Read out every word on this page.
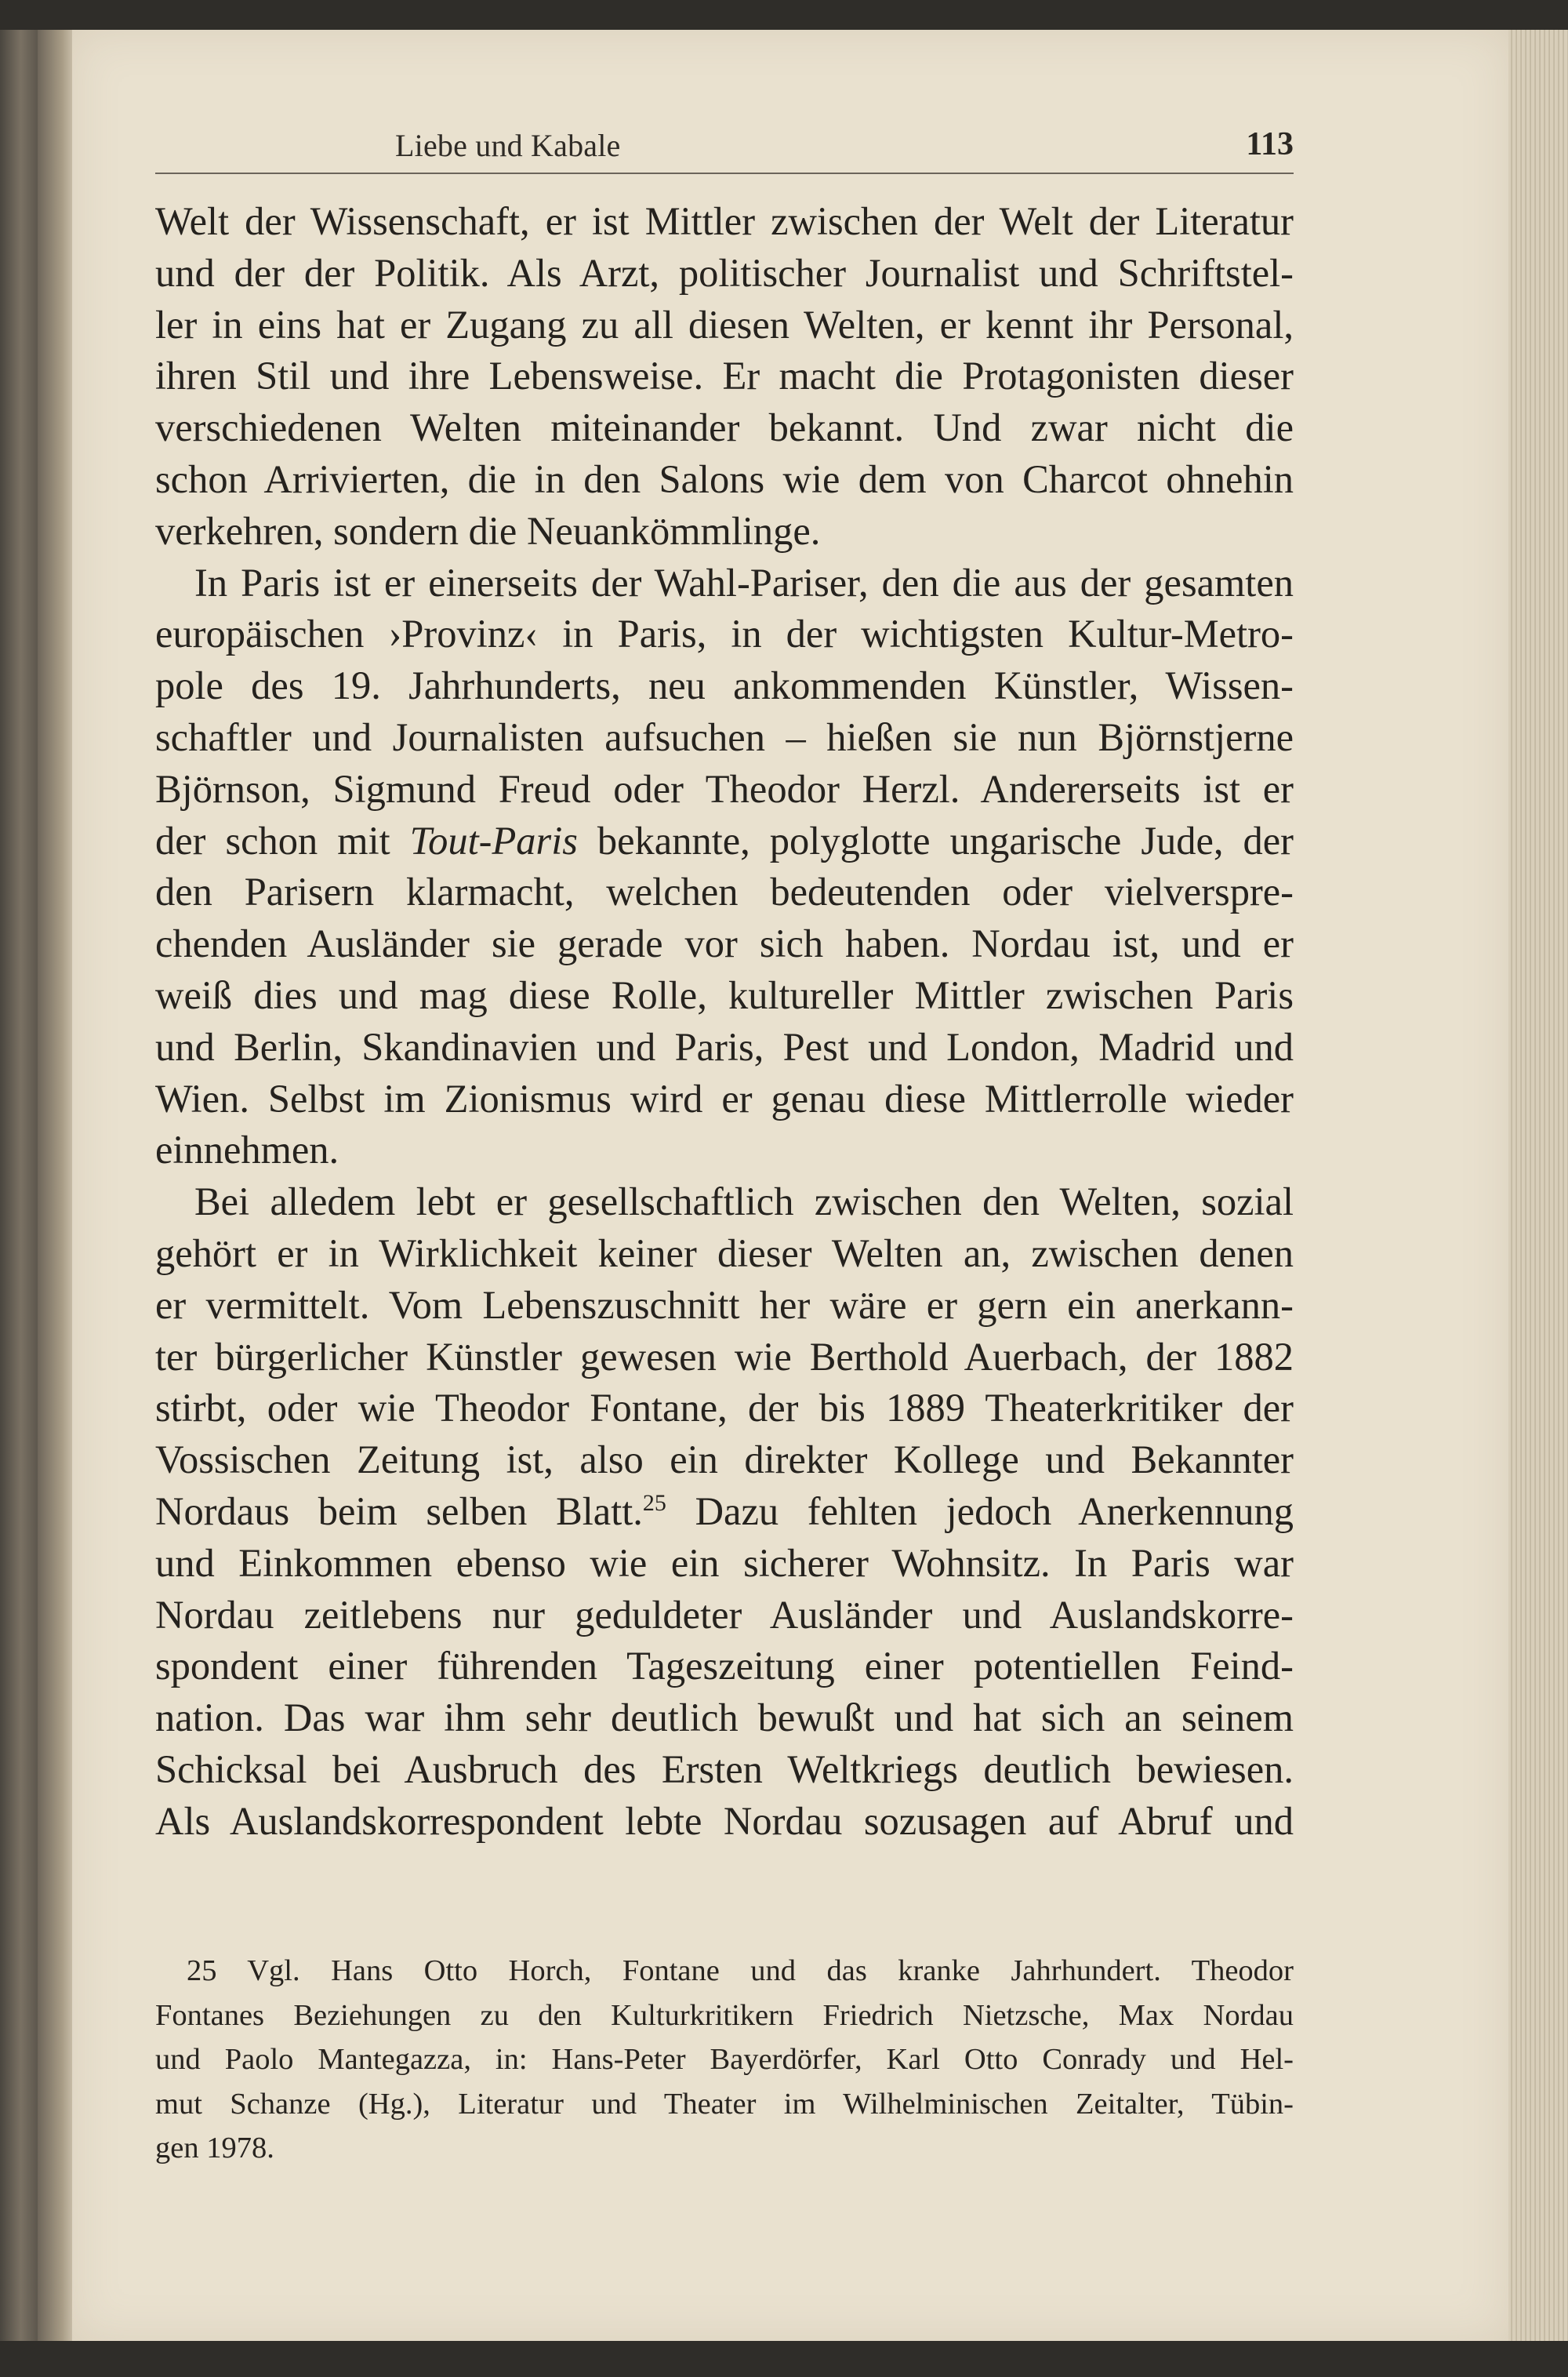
Liebe und Kabale	113

Welt der Wissenschaft, er ist Mittler zwischen der Welt der Literatur
und der der Politik. Als Arzt, politischer Journalist und Schriftstel-
ler in eins hat er Zugang zu all diesen Welten, er kennt ihr Personal,
ihren Stil und ihre Lebensweise. Er macht die Protagonisten dieser
verschiedenen Welten miteinander bekannt. Und zwar nicht die
schon Arrivierten, die in den Salons wie dem von Charcot ohnehin
verkehren, sondern die Neuankömmlinge.

In Paris ist er einerseits der Wahl-Pariser, den die aus der gesamten
europäischen ›Provinz‹ in Paris, in der wichtigsten Kultur-Metro-
pole des 19. Jahrhunderts, neu ankommenden Künstler, Wissen-
schaftler und Journalisten aufsuchen – hießen sie nun Björnstjerne
Björnson, Sigmund Freud oder Theodor Herzl. Andererseits ist er
der schon mit Tout-Paris bekannte, polyglotte ungarische Jude, der
den Parisern klarmacht, welchen bedeutenden oder vielverspre-
chenden Ausländer sie gerade vor sich haben. Nordau ist, und er
weiß dies und mag diese Rolle, kultureller Mittler zwischen Paris
und Berlin, Skandinavien und Paris, Pest und London, Madrid und
Wien. Selbst im Zionismus wird er genau diese Mittlerrolle wieder
einnehmen.

Bei alledem lebt er gesellschaftlich zwischen den Welten, sozial
gehört er in Wirklichkeit keiner dieser Welten an, zwischen denen
er vermittelt. Vom Lebenszuschnitt her wäre er gern ein anerkann-
ter bürgerlicher Künstler gewesen wie Berthold Auerbach, der 1882
stirbt, oder wie Theodor Fontane, der bis 1889 Theaterkritiker der
Vossischen Zeitung ist, also ein direkter Kollege und Bekannter
Nordaus beim selben Blatt.$^{25}$ Dazu fehlten jedoch Anerkennung
und Einkommen ebenso wie ein sicherer Wohnsitz. In Paris war
Nordau zeitlebens nur geduldeter Ausländer und Auslandskorre-
spondent einer führenden Tageszeitung einer potentiellen Feind-
nation. Das war ihm sehr deutlich bewußt und hat sich an seinem
Schicksal bei Ausbruch des Ersten Weltkriegs deutlich bewiesen.
Als Auslandskorrespondent lebte Nordau sozusagen auf Abruf und

25 Vgl. Hans Otto Horch, Fontane und das kranke Jahrhundert. Theodor
Fontanes Beziehungen zu den Kulturkritikern Friedrich Nietzsche, Max Nordau
und Paolo Mantegazza, in: Hans-Peter Bayerdörfer, Karl Otto Conrady und Hel-
mut Schanze (Hg.), Literatur und Theater im Wilhelminischen Zeitalter, Tübin-
gen 1978.
